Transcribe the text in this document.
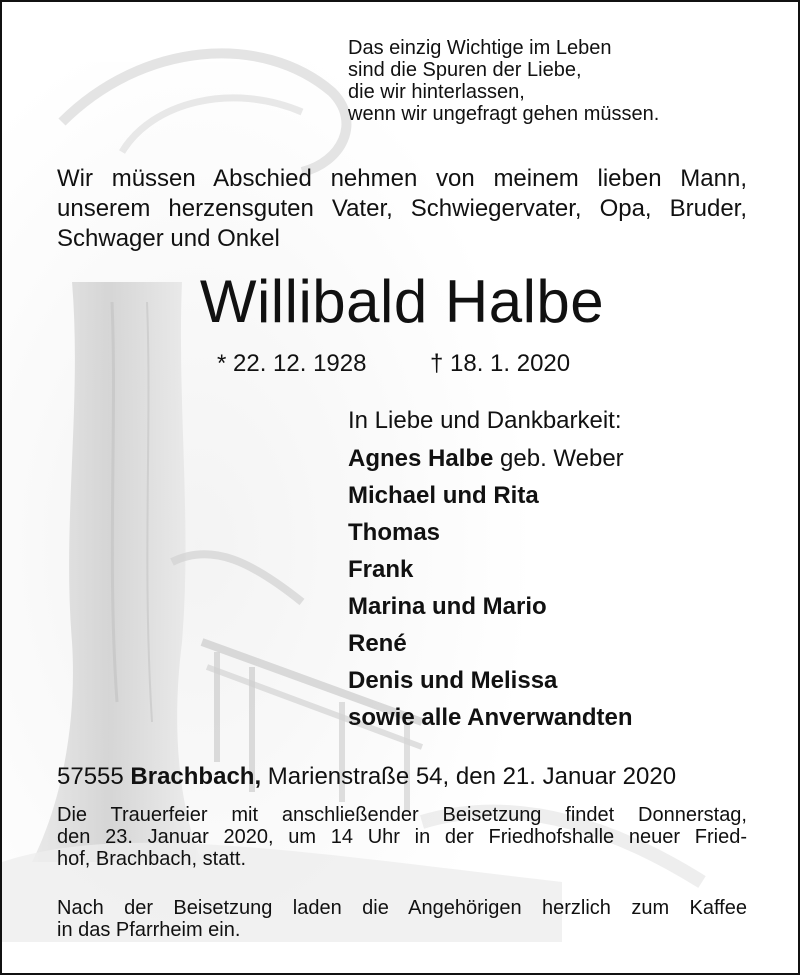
Das einzig Wichtige im Leben
sind die Spuren der Liebe,
die wir hinterlassen,
wenn wir ungefragt gehen müssen.
Wir müssen Abschied nehmen von meinem lieben Mann,
unserem herzensguten Vater, Schwiegervater, Opa, Bruder,
Schwager und Onkel
Willibald Halbe
* 22. 12. 1928	† 18. 1. 2020
In Liebe und Dankbarkeit:
Agnes Halbe geb. Weber
Michael und Rita
Thomas
Frank
Marina und Mario
René
Denis und Melissa
sowie alle Anverwandten
57555 Brachbach, Marienstraße 54, den 21. Januar 2020
Die Trauerfeier mit anschließender Beisetzung findet Donnerstag,
den 23. Januar 2020, um 14 Uhr in der Friedhofshalle neuer Fried-
hof, Brachbach, statt.
Nach der Beisetzung laden die Angehörigen herzlich zum Kaffee
in das Pfarrheim ein.
